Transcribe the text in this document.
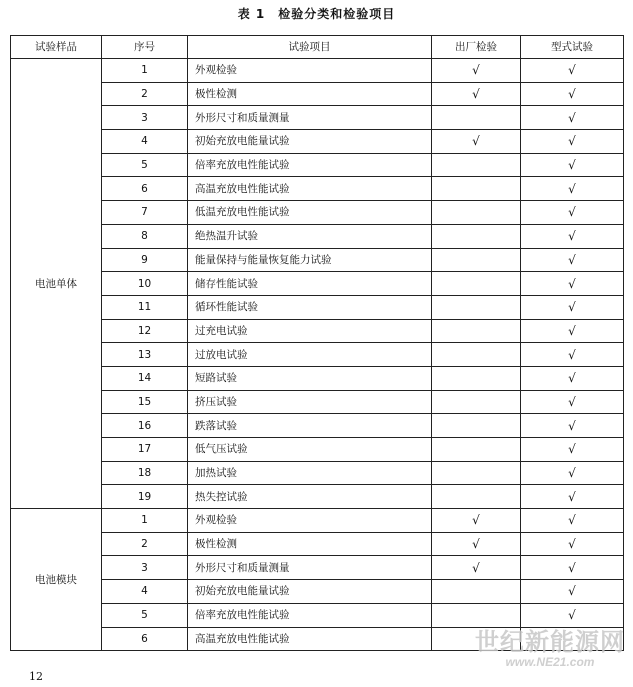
表 1　检验分类和检验项目
试验样品	序号	试验项目	出厂检验	型式试验
电池单体	1	外观检验	√	√
	2	极性检测	√	√
	3	外形尺寸和质量测量		√
	4	初始充放电能量试验	√	√
	5	倍率充放电性能试验		√
	6	高温充放电性能试验		√
	7	低温充放电性能试验		√
	8	绝热温升试验		√
	9	能量保持与能量恢复能力试验		√
	10	储存性能试验		√
	11	循环性能试验		√
	12	过充电试验		√
	13	过放电试验		√
	14	短路试验		√
	15	挤压试验		√
	16	跌落试验		√
	17	低气压试验		√
	18	加热试验		√
	19	热失控试验		√
电池模块	1	外观检验	√	√
	2	极性检测	√	√
	3	外形尺寸和质量测量	√	√
	4	初始充放电能量试验		√
	5	倍率充放电性能试验		√
	6	高温充放电性能试验		
12
世纪新能源网
www.NE21.com
